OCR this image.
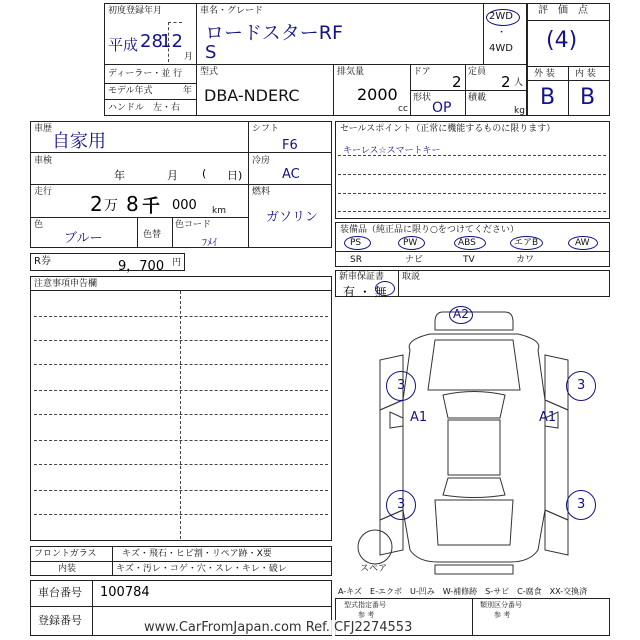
初度登録年月
平成 28
12
月
車名・グレード
ロードスターRF
S
2WD
・
4WD
評　価　点
(4)
ディーラー・並 行
モデル年式	年
ハンドル　左・右
型式
DBA-NDERC
排気量
2000
cc
ドア
2
定員
2 人
形状
OP
積載
kg
外 装 内 装
B B
車歴
自家用
車検
年	月 ( 日)
走行 2 万 8 千 000 km
色
ブルー	色替
色コード
ﾌﾒｲ
シフト
F6
冷房
AC
燃料
ガソリン
R券	9，700 円
セールスポイント（正常に機能するものに限ります）
キーレス☆スマートキー
装備品（純正品に限り○をつけてください）
PS	PW	ABS	エアB	AW
SR	ナビ	TV	カワ
新車保証書
有 ・ 無
取説
注意事項申告欄
A2
3	3
A1	A1
3	3
スペア
フロントガラス	キズ・飛石・ヒビ割・リペア跡・X要
内装	キズ・汚レ・コゲ・穴・スレ・キレ・破レ
車台番号 100784
登録番号
A-キズ　E-エクボ　U-凹み　W-補修跡　S-サビ　C-腐食　XX-交換済
型式指定番号
参 考
類別区分番号
参 考
www.CarFromJapan.com Ref. CFJ2274553
